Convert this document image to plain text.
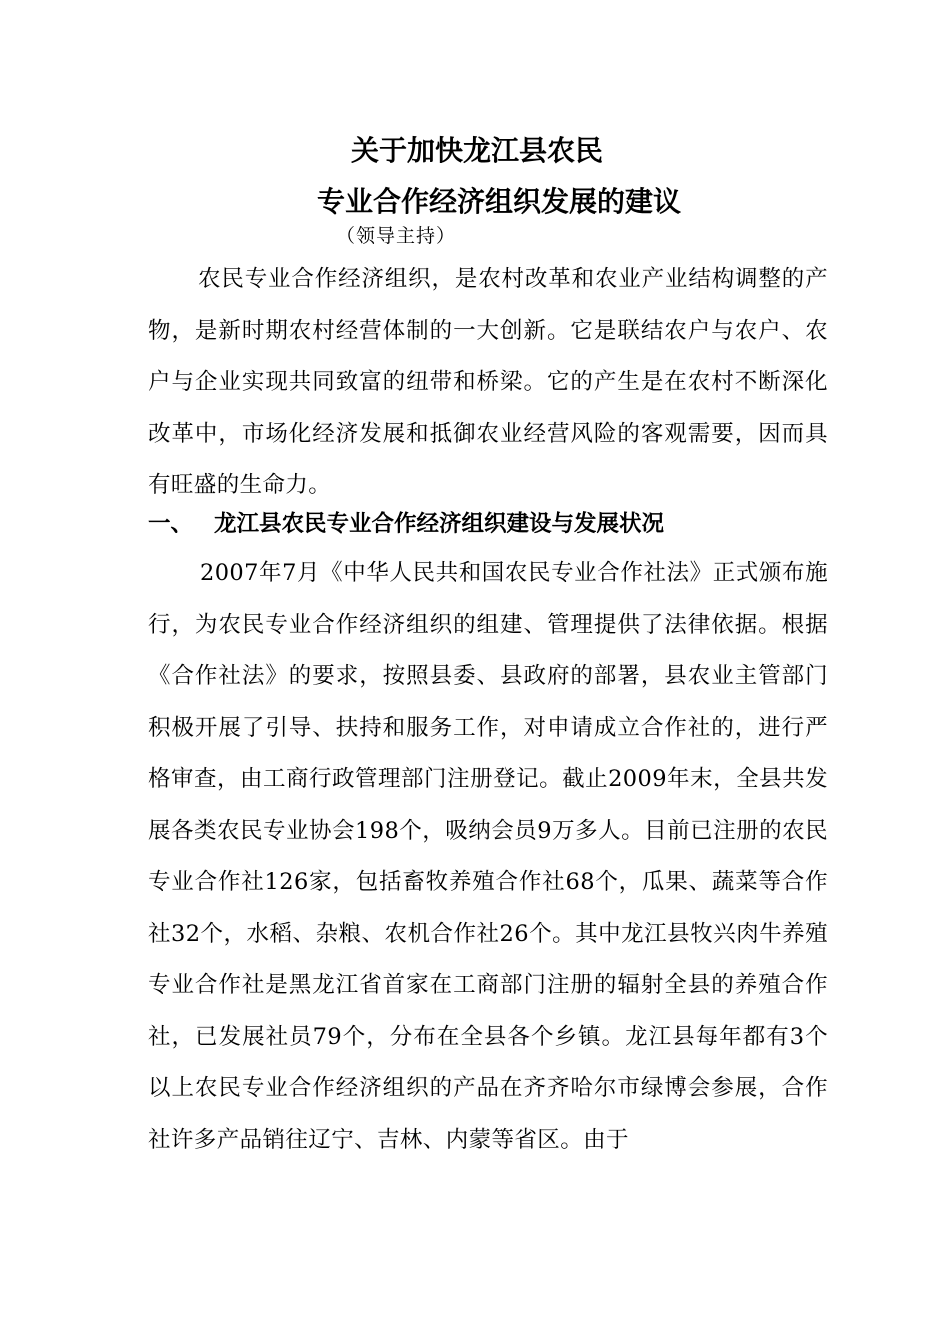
关于加快龙江县农民
专业合作经济组织发展的建议
（领导主持）
农民专业合作经济组织，是农村改革和农业产业结构调整的产物，是新时期农村经营体制的一大创新。它是联结农户与农户、农户与企业实现共同致富的纽带和桥梁。它的产生是在农村不断深化改革中，市场化经济发展和抵御农业经营风险的客观需要，因而具有旺盛的生命力。
一、 龙江县农民专业合作经济组织建设与发展状况
2007年7月《中华人民共和国农民专业合作社法》正式颁布施行，为农民专业合作经济组织的组建、管理提供了法律依据。根据《合作社法》的要求，按照县委、县政府的部署，县农业主管部门积极开展了引导、扶持和服务工作，对申请成立合作社的，进行严格审查，由工商行政管理部门注册登记。截止2009年末，全县共发展各类农民专业协会198个，吸纳会员9万多人。目前已注册的农民专业合作社126家，包括畜牧养殖合作社68个，瓜果、蔬菜等合作社32个，水稻、杂粮、农机合作社26个。其中龙江县牧兴肉牛养殖专业合作社是黑龙江省首家在工商部门注册的辐射全县的养殖合作社，已发展社员79个，分布在全县各个乡镇。龙江县每年都有3个以上农民专业合作经济组织的产品在齐齐哈尔市绿博会参展，合作社许多产品销往辽宁、吉林、内蒙等省区。由于
